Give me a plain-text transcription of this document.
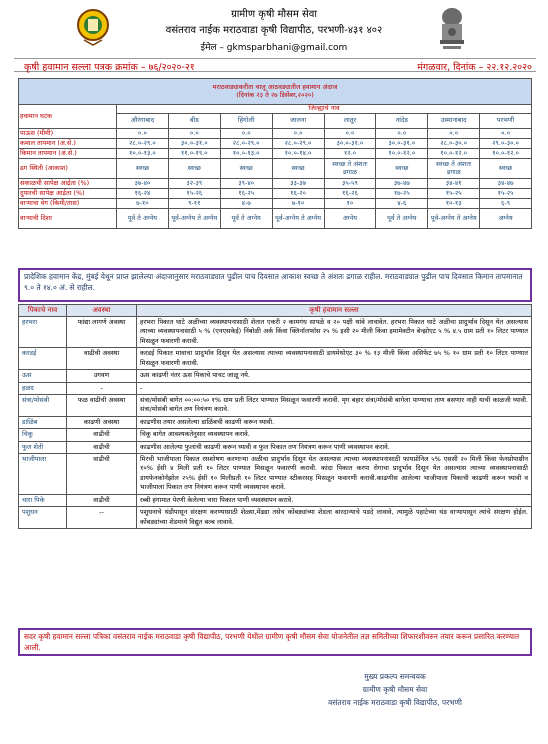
ग्रामीण कृषी मौसम सेवा
वसंतराव नाईक मराठवाडा कृषी विद्यापीठ, परभणी-४३१ ४०२
ईमेल – gkmsparbhani@gmail.com
कृषी हवामान सल्ला पत्रक क्रमांक – ७६/२०२०-२१	मंगळवार, दिनांक – २२.१२.२०२०
मराठवाड्याकरीता चालू आठवड्यातील हवामान अंदाज
(दिनांक २३ ते २७ डिसेंबर,२०२०)								

हवामान घटक	जिल्ह्याचे नाव							
	औरंगाबाद	बीड	हिंगोली	जालना	लातूर	नांदेड	उस्मानाबाद	परभणी
पाऊस (मीमी)	०.०	०.०	०.०	०.०	०.०	०.०	०.०	०.०
कमाल तापमान (अं.से.)	२८.०-२९.०	३०.०-३१.०	२८.०-२९.०	२८.०-२९.०	३०.०-३१.०	३०.०-३१.०	२८.०-३०.०	२९.०-३०.०
किमान तापमान (अं.से.)	१०.०-१३.०	११.०-१९.०	१०.०-१३.०	१०.०-१४.०	१२.०	१०.०-१२.०	१०.०-१२.०	१०.०-१२.०
ढग स्थिती (आकाश)	स्वच्छ	स्वच्छ	स्वच्छ	स्वच्छ	स्वच्छ ते अंशतः ढगाळ	स्वच्छ	स्वच्छ ते अंशतः ढगाळ	स्वच्छ
सकाळची सापेक्ष आर्द्रता (%)	३७-४०	३२-३९	३९-४०	३३-३७	३५-५९	३७-४७	३४-४१	३४-४७
दुपारची सापेक्ष आर्द्रता (%)	१६-२४	१५-२६	१६-२५	१६-२०	१६-२६	१७-२५	१५-२५	१५-२५
वाऱ्याचा वेग (किमी/तास)	७-१०	९-११	४-७	७-१०	१०	४-६	१०-१३	६-९
वाऱ्याची दिशा	पूर्व ते अग्नेय	पूर्व-अग्नेय ते अग्नेय	पूर्व ते अग्नेय	पूर्व-अग्नेय ते अग्नेय	अग्नेय	पूर्व ते अग्नेय	पूर्व-अग्नेय ते अग्नेय	अग्नेय
प्रादेशिक हवामान केंद्र, मुंबई येथून प्राप्त झालेल्या अंदाजानुसार मराठवाड्यात पुढील पाच दिवसात आकाश स्वच्छ ते अंशतः ढगाळ राहील. मराठवाड्यात पुढील पाच दिवसात किमान तापमानात ९.० ते १४.० अं. से राहील.
पिकाचे नाव	अवस्था	कृषी हवामान सल्ला
हरभरा	फांद्या लागणे अवस्था	हरभरा पिकात घाटे अळीच्या व्यवस्थापनासाठी शेतात एकरी २ कामगंध सापळे व २० पक्षी थांबे लावावेत. हरभरा पिकात घाटे अळीचा प्रादुर्भाव दिसून येत असल्यास त्याच्या व्यवस्थापनासाठी ५ % (एनएसकेई) निंबोळी अर्क किंवा क्लिनॉलफॉस २५ % इसी २० मीली किंवा इमामेक्टीन बेन्झोएट ५ % ४.५ ग्राम प्रती १० लिटर पाण्यात मिसळून फवारणी करावी.
करडई	वाढीची अवस्था	करडई पिकात मावाचा प्रादुर्भाव दिसून येत असल्यास त्याच्या व्यवस्थापनासाठी डायमेथोएट ३० % १३ मीली किंवा असिफेट ७५ % १० ग्राम प्रती १० लिटर पाण्यात मिसळून फवारणी करावी.
ऊस	उगवण	ऊस काढणी नंतर ऊस पिकाचे पाचट जाळू नये.
हळद	-	-
संत्रा/मोसंबी	फळ वाढीची अवस्था	संत्रा/मोसंबी बागेत ००:००:५० १% ग्राम प्रती लिटर पाण्यात मिसळून फवारणी करावी. मृग बहार संत्रा/मोसंबी बागेला पाण्याचा ताण बसणार नाही याची काळजी घ्यावी. संत्रा/मोसंबी बागेत तण नियंत्रण करावे.
डाळिंब	काढणी अवस्था	काढणीस तयार असलेल्या डाळिंबची काढणी करून घ्यावी.
चिकू	वाढीची	चिकू बागेत आवश्यकतेनुसार व्यवस्थापन करावे.
फुल शेती	वाढीची	काढणीस आलेल्या फुलांची काढणी करून घ्यावी व फुल पिकात तण नियंत्रण करून पाणी व्यवस्थापन करावे.
भाजीपाला	वाढीची	मिरची भाजीपाला पिकात रसशोषण करणाऱ्या अळीचा प्रादुर्भाव दिसून येत असल्यास त्याच्या व्यवस्थापनासाठी फायप्रोनिल ५% एससी २० मिली किंवा फेनप्रोपाथ्रीन १०% ईसी ४ मिली प्रती १० लिटर पाण्यात मिसळून फवारणी करावी. कांदा पिकात करपा रोगाचा प्रादुर्भाव दिसून येत असल्यास त्याच्या व्यवस्थापनासाठी डायफेनकोनॅझोल २५% ईसी १० मिलीप्रती १० लिटर पाण्यात स्टीकरसह मिसळून फवारणी करावी.काढणीस आलेल्या भाजीपाला पिकाची काढणी करून घ्यावी व भाजीपाला पिकात तण नियंत्रण करून पाणी व्यवस्थापन करावे.
चारा पिके	वाढीची	रब्बी हंगामात पेरणी केलेल्या चारा पिकात पाणी व्यवस्थापन करावे.
पशुधन	--	पशुधनाचे थंडीपासून संरक्षण करण्यासाठी शेळ्या,मेंढ्या तसेच कोंबड्यांच्या शेडला बारदान्याचे पडदे लावावे, त्यामुळे पहाटेच्या थंड वाऱ्यापासून त्यांचे संरक्षण होईल. कोंबड्यांच्या शेडमध्ये विद्युत बल्ब लावावे.
सदर कृषी हवामान सल्ला पत्रिका वसंतराव नाईक मराठवाडा कृषी विद्यापीठ, परभणी येथील ग्रामीण कृषी मौसम सेवा योजनेतील तज्ञ समितीच्या शिफारशीवरुन तयार करून प्रसारित करण्यात आली.
मुख्य प्रकल्प समन्वयक
ग्रामीण कृषी मौसम सेवा
वसंतराव नाईक मराठवाडा कृषी विद्यापीठ, परभणी
